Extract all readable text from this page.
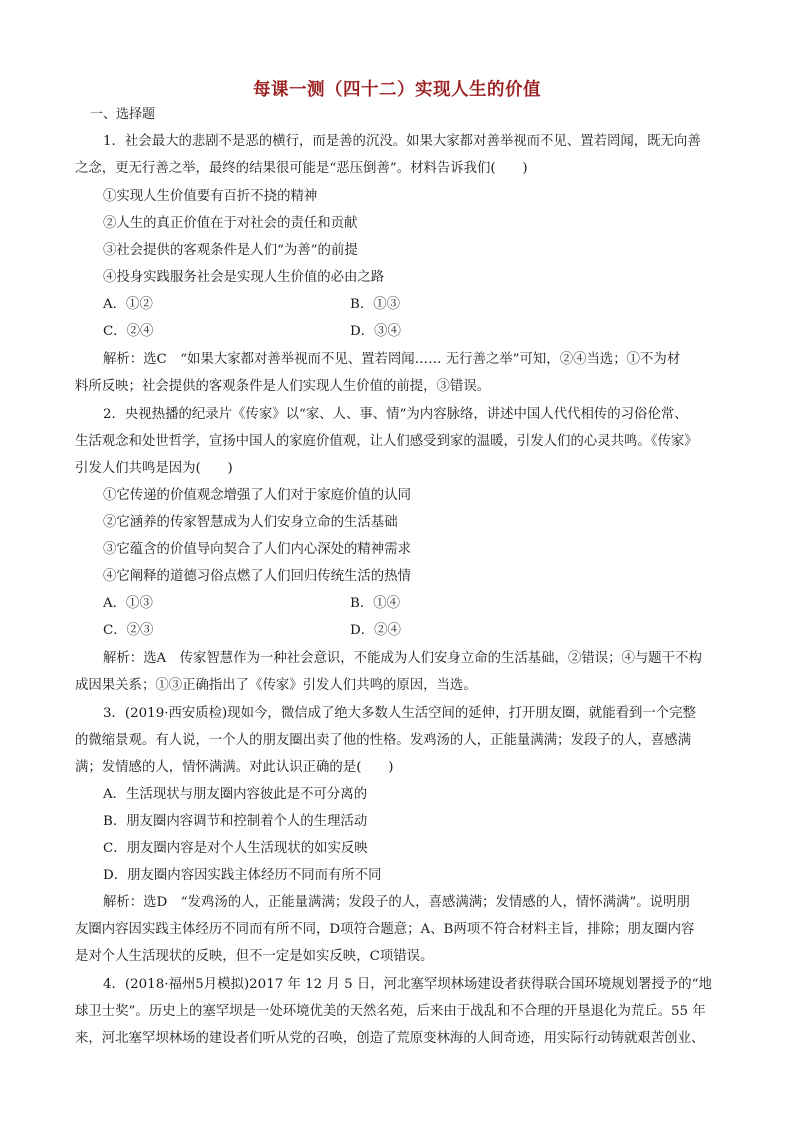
每课一测（四十二）实现人生的价值
一、选择题
1．社会最大的悲剧不是恶的横行，而是善的沉没。如果大家都对善举视而不见、置若罔闻，既无向善
之念，更无行善之举，最终的结果很可能是“恶压倒善”。材料告诉我们(　　)
①实现人生价值要有百折不挠的精神
②人生的真正价值在于对社会的责任和贡献
③社会提供的客观条件是人们“为善”的前提
④投身实践服务社会是实现人生价值的必由之路
A．①②	B．①③
C．②④	D．③④
解析：选C　“如果大家都对善举视而不见、置若罔闻…… 无行善之举”可知，②④当选；①不为材
料所反映；社会提供的客观条件是人们实现人生价值的前提，③错误。
2．央视热播的纪录片《传家》以“家、人、事、情”为内容脉络，讲述中国人代代相传的习俗伦常、
生活观念和处世哲学，宣扬中国人的家庭价值观，让人们感受到家的温暖，引发人们的心灵共鸣。《传家》
引发人们共鸣是因为(　　)
①它传递的价值观念增强了人们对于家庭价值的认同
②它涵养的传家智慧成为人们安身立命的生活基础
③它蕴含的价值导向契合了人们内心深处的精神需求
④它阐释的道德习俗点燃了人们回归传统生活的热情
A．①③	B．①④
C．②③	D．②④
解析：选A　传家智慧作为一种社会意识，不能成为人们安身立命的生活基础，②错误；④与题干不构
成因果关系；①③正确指出了《传家》引发人们共鸣的原因，当选。
3．(2019·西安质检)现如今，微信成了绝大多数人生活空间的延伸，打开朋友圈，就能看到一个完整
的微缩景观。有人说，一个人的朋友圈出卖了他的性格。发鸡汤的人，正能量满满；发段子的人，喜感满
满；发情感的人，情怀满满。对此认识正确的是(　　)
A．生活现状与朋友圈内容彼此是不可分离的
B．朋友圈内容调节和控制着个人的生理活动
C．朋友圈内容是对个人生活现状的如实反映
D．朋友圈内容因实践主体经历不同而有所不同
解析：选D　“发鸡汤的人，正能量满满；发段子的人，喜感满满；发情感的人，情怀满满”。说明朋
友圈内容因实践主体经历不同而有所不同，D项符合题意；A、B两项不符合材料主旨，排除；朋友圈内容
是对个人生活现状的反映，但不一定是如实反映，C项错误。
4．(2018·福州5月模拟)2017 年 12 月 5 日，河北塞罕坝林场建设者获得联合国环境规划署授予的“地
球卫士奖”。历史上的塞罕坝是一处环境优美的天然名苑，后来由于战乱和不合理的开垦退化为荒丘。55 年
来，河北塞罕坝林场的建设者们听从党的召唤，创造了荒原变林海的人间奇迹，用实际行动铸就艰苦创业、
